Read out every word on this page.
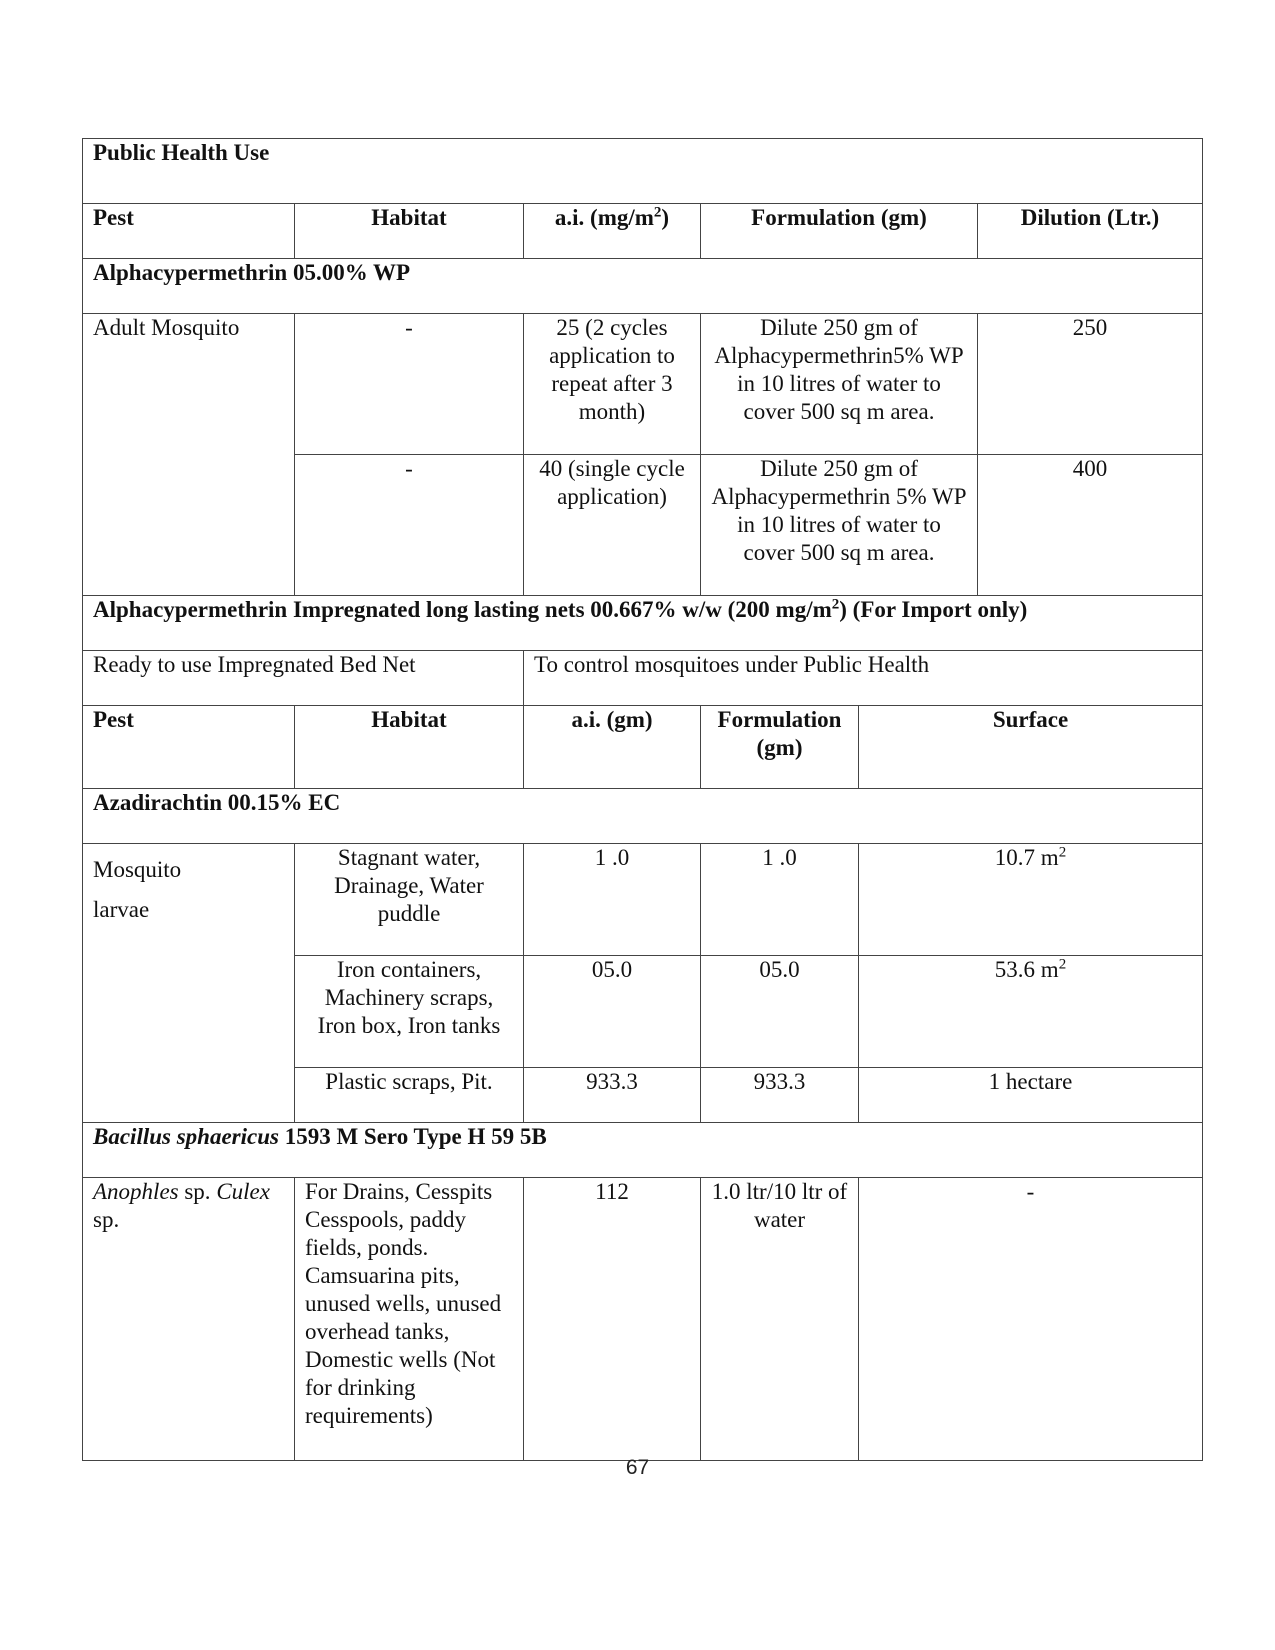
Public Health Use					
Pest	Habitat	a.i. $(mg/m^2)$	Formulation (gm)		Dilution (Ltr.)
Alphacypermethrin 05.00% WP					
Adult Mosquito	-	25 (2 cycles application to repeat after 3 month)	Dilute 250 gm of Alphacypermethrin5% WP in 10 litres of water to cover 500 sq m area.		250
	-	40 (single cycle application)	Dilute 250 gm of Alphacypermethrin 5% WP in 10 litres of water to cover 500 sq m area.		400
Alphacypermethrin Impregnated long lasting nets 00.667% w/w (200 $mg/m^2$) (For Import only)					
Ready to use Impregnated Bed Net		To control mosquitoes under Public Health			
Pest	Habitat	a.i. (gm)	Formulation (gm)	Surface	
Azadirachtin 00.15% EC					

Mosquito
larvae	Stagnant water, Drainage, Water puddle	1 .0	1 .0	10.7 $m^2$
	Iron containers, Machinery scraps, Iron box, Iron tanks	05.0	05.0	53.6 $m^2$
	Plastic scraps, Pit.	933.3	933.3	1 hectare	
Bacillus sphaericus 1593 M Sero Type H 59 5B					
Anophles sp. Culex sp.	For Drains, Cesspits Cesspools, paddy fields, ponds. Camsuarina pits, unused wells, unused overhead tanks, Domestic wells (Not for drinking requirements)	112	1.0 ltr/10 ltr of water	-	
67
